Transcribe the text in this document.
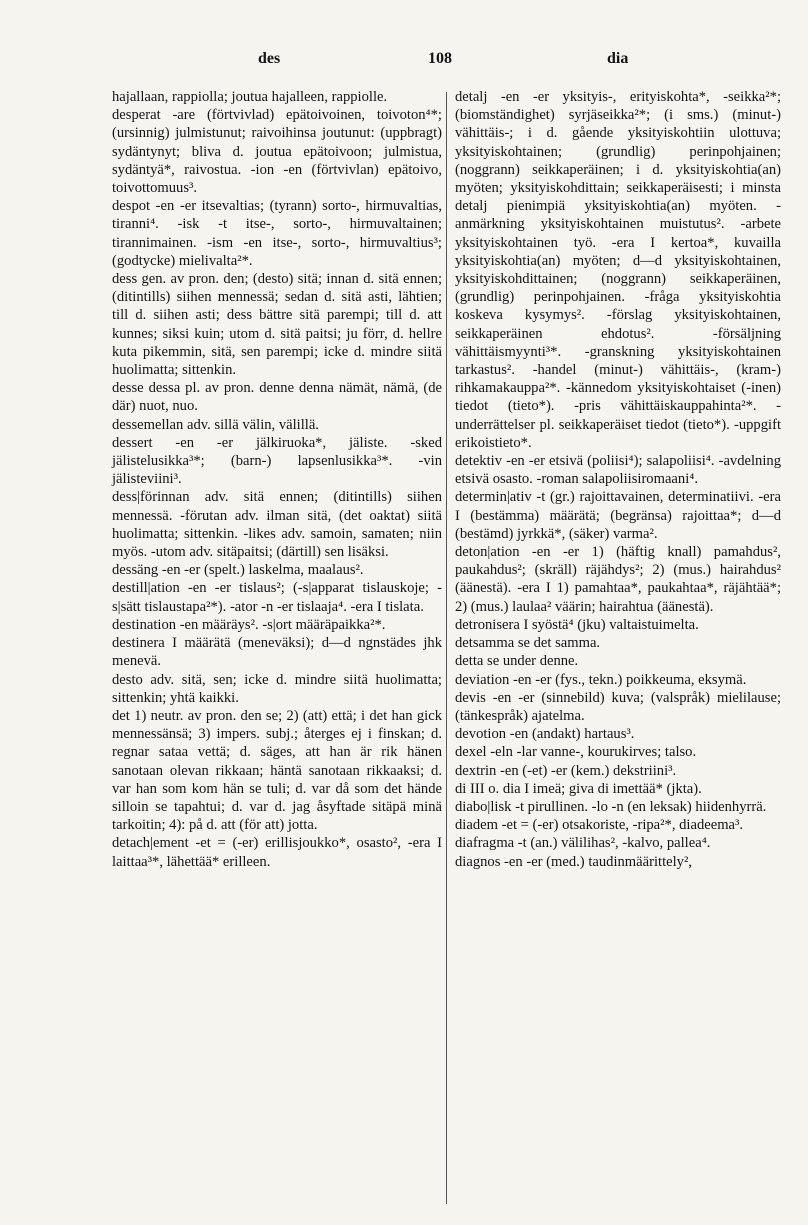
des	108	dia

hajallaan, rappiolla; joutua hajalleen, rappiolle.

desperat -are (förtvivlad) epätoivoinen, toivoton⁴*; (ursinnig) julmistunut; raivoihinsa joutunut: (uppbragt) sydäntynyt; bliva d. joutua epätoivoon; julmistua, sydäntyä*, raivostua. -ion -en (förtvivlan) epätoivo, toivottomuus³.

despot -en -er itsevaltias; (tyrann) sorto-, hirmuvaltias, tiranni⁴. -isk -t itse-, sorto-, hirmuvaltainen; tirannimainen. -ism -en itse-, sorto-, hirmuvaltius³; (godtycke) mielivalta²*.

dess gen. av pron. den; (desto) sitä; innan d. sitä ennen; (ditintills) siihen mennessä; sedan d. sitä asti, lähtien; till d. siihen asti; dess bättre sitä parempi; till d. att kunnes; siksi kuin; utom d. sitä paitsi; ju förr, d. hellre kuta pikemmin, sitä, sen parempi; icke d. mindre siitä huolimatta; sittenkin.

desse dessa pl. av pron. denne denna nämät, nämä, (de där) nuot, nuo.

dessemellan adv. sillä välin, välillä.

dessert -en -er jälkiruoka*, jäliste. -sked jälistelusikka³*; (barn-) lapsenlusikka³*. -vin jälisteviini³.

dess|förinnan adv. sitä ennen; (ditintills) siihen mennessä. -förutan adv. ilman sitä, (det oaktat) siitä huolimatta; sittenkin. -likes adv. samoin, samaten; niin myös. -utom adv. sitäpaitsi; (därtill) sen lisäksi.

dessäng -en -er (spelt.) laskelma, maalaus².

destill|ation -en -er tislaus²; (-s|apparat tislauskoje; -s|sätt tislaustapa²*). -ator -n -er tislaaja⁴. -era I tislata.

destination -en määräys². -s|ort määräpaikka²*.

destinera I määrätä (meneväksi); d—d ngnstädes jhk menevä.

desto adv. sitä, sen; icke d. mindre siitä huolimatta; sittenkin; yhtä kaikki.

det 1) neutr. av pron. den se; 2) (att) että; i det han gick mennessänsä; 3) impers. subj.; återges ej i finskan; d. regnar sataa vettä; d. säges, att han är rik hänen sanotaan olevan rikkaan; häntä sanotaan rikkaaksi; d. var han som kom hän se tuli; d. var då som det hände silloin se tapahtui; d. var d. jag åsyftade sitäpä minä tarkoitin; 4): på d. att (för att) jotta.

detach|ement -et = (-er) erillisjoukko*, osasto², -era I laittaa³*, lähettää* erilleen.

detalj -en -er yksityis-, erityiskohta*, -seikka²*; (biomständighet) syrjäseikka²*; (i sms.) (minut-) vähittäis-; i d. gående yksityiskohtiin ulottuva; yksityiskohtainen; (grundlig) perinpohjainen; (noggrann) seikkaperäinen; i d. yksityiskohtia(an) myöten; yksityiskohdittain; seikkaperäisesti; i minsta detalj pienimpiä yksityiskohtia(an) myöten. -anmärkning yksityiskohtainen muistutus². -arbete yksityiskohtainen työ. -era I kertoa*, kuvailla yksityiskohtia(an) myöten; d—d yksityiskohtainen, yksityiskohdittainen; (noggrann) seikkaperäinen, (grundlig) perinpohjainen. -fråga yksityiskohtia koskeva kysymys². -förslag yksityiskohtainen, seikkaperäinen ehdotus². -försäljning vähittäismyynti³*. -granskning yksityiskohtainen tarkastus². -handel (minut-) vähittäis-, (kram-) rihkamakauppa²*. -kännedom yksityiskohtaiset (-inen) tiedot (tieto*). -pris vähittäiskauppahinta²*. -underrättelser pl. seikkaperäiset tiedot (tieto*). -uppgift erikoistieto*.

detektiv -en -er etsivä (poliisi⁴); salapoliisi⁴. -avdelning etsivä osasto. -roman salapoliisiromaani⁴.

determin|ativ -t (gr.) rajoittavainen, determinatiivi. -era I (bestämma) määrätä; (begränsa) rajoittaa*; d—d (bestämd) jyrkkä*, (säker) varma².

deton|ation -en -er 1) (häftig knall) pamahdus², paukahdus²; (skräll) räjähdys²; 2) (mus.) hairahdus² (äänestä). -era I 1) pamahtaa*, paukahtaa*, räjähtää*; 2) (mus.) laulaa² väärin; hairahtua (äänestä).

detronisera I syöstä⁴ (jku) valtaistuimelta.

detsamma se det samma.

detta se under denne.

deviation -en -er (fys., tekn.) poikkeuma, eksymä.

devis -en -er (sinnebild) kuva; (valspråk) mielilause; (tänkespråk) ajatelma.

devotion -en (andakt) hartaus³.

dexel -eln -lar vanne-, kourukirves; talso.

dextrin -en (-et) -er (kem.) dekstriini³.

di III o. dia I imeä; giva di imettää* (jkta).

diabo|lisk -t pirullinen. -lo -n (en leksak) hiidenhyrrä.

diadem -et = (-er) otsakoriste, -ripa²*, diadeema³.

diafragma -t (an.) välilihas², -kalvo, pallea⁴.

diagnos -en -er (med.) taudinmäärittely²,
